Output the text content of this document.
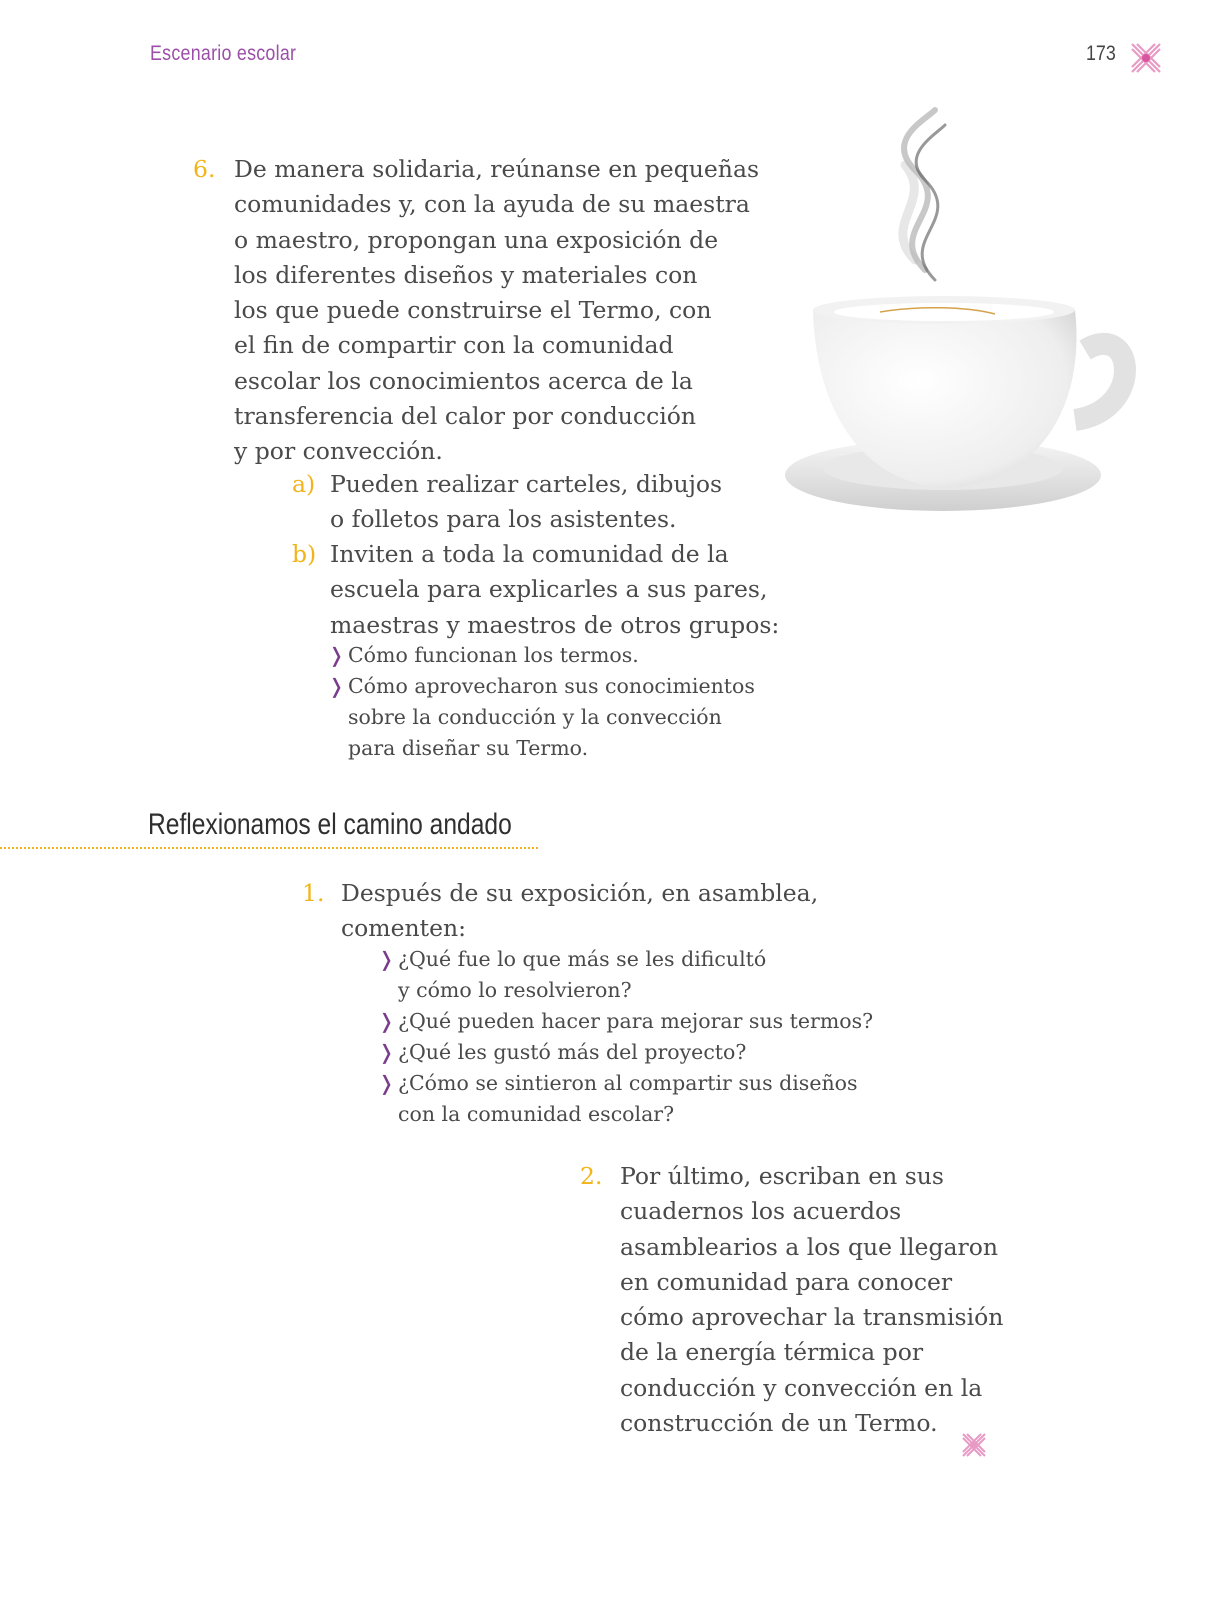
Escenario escolar	173
6. De manera solidaria, reúnanse en pequeñas
comunidades y, con la ayuda de su maestra
o maestro, propongan una exposición de
los diferentes diseños y materiales con
los que puede construirse el Termo, con
el fin de compartir con la comunidad
escolar los conocimientos acerca de la
transferencia del calor por conducción
y por convección.
a) Pueden realizar carteles, dibujos
o folletos para los asistentes.
b) Inviten a toda la comunidad de la
escuela para explicarles a sus pares,
maestras y maestros de otros grupos:
❭ Cómo funcionan los termos.
❭ Cómo aprovecharon sus conocimientos
sobre la conducción y la convección
para diseñar su Termo.
Reflexionamos el camino andado
1. Después de su exposición, en asamblea,
comenten:
❭ ¿Qué fue lo que más se les dificultó
y cómo lo resolvieron?
❭ ¿Qué pueden hacer para mejorar sus termos?
❭ ¿Qué les gustó más del proyecto?
❭ ¿Cómo se sintieron al compartir sus diseños
con la comunidad escolar?
2. Por último, escriban en sus
cuadernos los acuerdos
asamblearios a los que llegaron
en comunidad para conocer
cómo aprovechar la transmisión
de la energía térmica por
conducción y convección en la
construcción de un Termo.
